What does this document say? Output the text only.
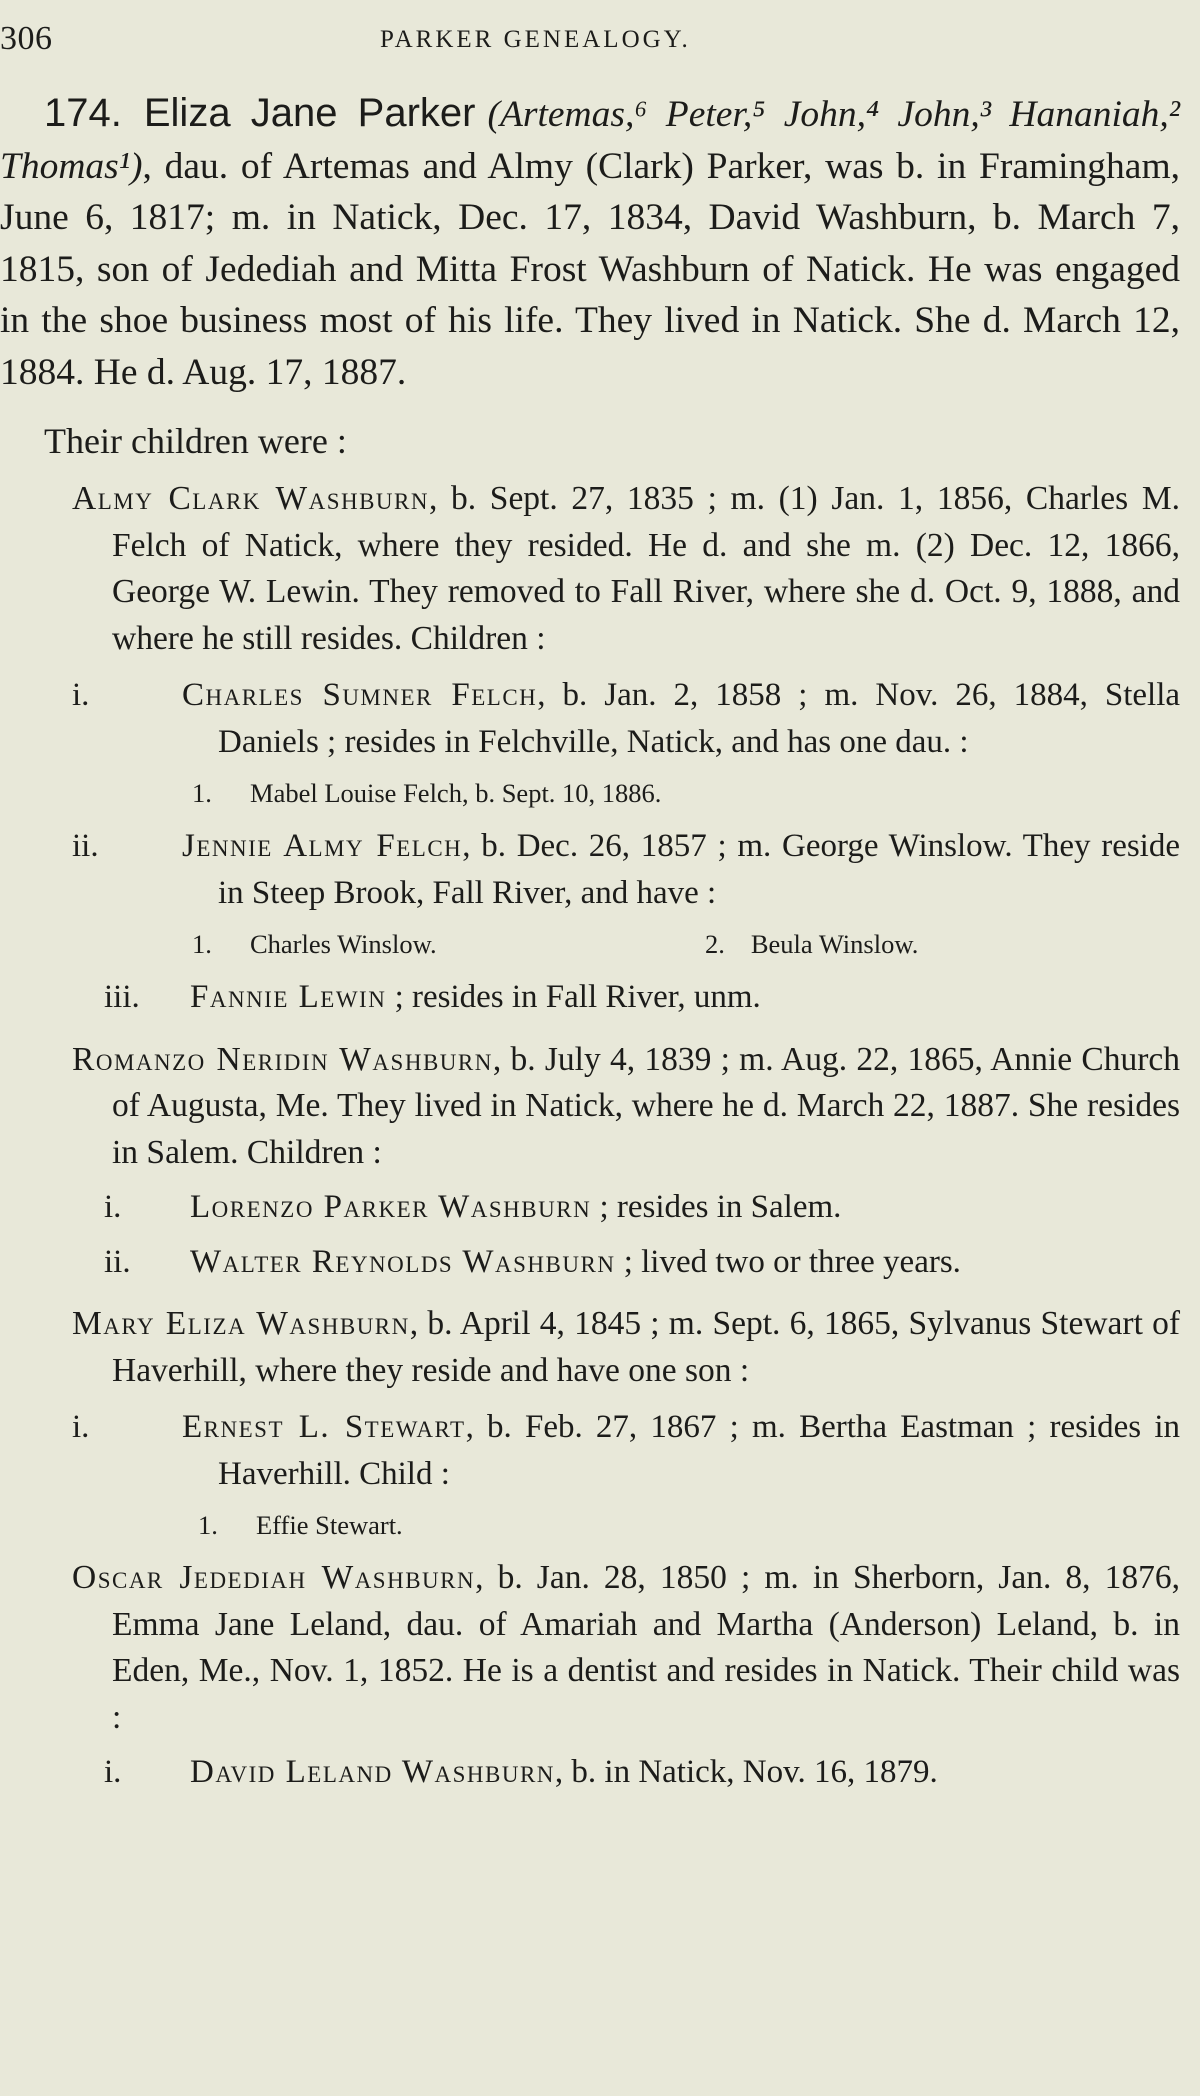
306	PARKER GENEALOGY.

174. Eliza Jane Parker (Artemas,⁶ Peter,⁵ John,⁴ John,³ Hananiah,² Thomas¹), dau. of Artemas and Almy (Clark) Parker, was b. in Framingham, June 6, 1817; m. in Natick, Dec. 17, 1834, David Washburn, b. March 7, 1815, son of Jedediah and Mitta Frost Washburn of Natick. He was engaged in the shoe business most of his life. They lived in Natick. She d. March 12, 1884. He d. Aug. 17, 1887.

Their children were :
Almy Clark Washburn, b. Sept. 27, 1835 ; m. (1) Jan. 1, 1856, Charles M. Felch of Natick, where they resided. He d. and she m. (2) Dec. 12, 1866, George W. Lewin. They removed to Fall River, where she d. Oct. 9, 1888, and where he still resides. Children :
i.	Charles Sumner Felch, b. Jan. 2, 1858 ; m. Nov. 26, 1884, Stella Daniels ; resides in Felchville, Natick, and has one dau. :
1. Mabel Louise Felch, b. Sept. 10, 1886.
ii.	Jennie Almy Felch, b. Dec. 26, 1857 ; m. George Winslow. They reside in Steep Brook, Fall River, and have :
1. Charles Winslow.	2. Beula Winslow.
iii. Fannie Lewin ; resides in Fall River, unm.
Romanzo Neridin Washburn, b. July 4, 1839 ; m. Aug. 22, 1865, Annie Church of Augusta, Me. They lived in Natick, where he d. March 22, 1887. She resides in Salem. Children :
i. Lorenzo Parker Washburn ; resides in Salem.
ii. Walter Reynolds Washburn ; lived two or three years.
Mary Eliza Washburn, b. April 4, 1845 ; m. Sept. 6, 1865, Sylvanus Stewart of Haverhill, where they reside and have one son :
i.	Ernest L. Stewart, b. Feb. 27, 1867 ; m. Bertha Eastman ; resides in Haverhill. Child :
1. Effie Stewart.
Oscar Jedediah Washburn, b. Jan. 28, 1850 ; m. in Sherborn, Jan. 8, 1876, Emma Jane Leland, dau. of Amariah and Martha (Anderson) Leland, b. in Eden, Me., Nov. 1, 1852. He is a dentist and resides in Natick. Their child was :
i. David Leland Washburn, b. in Natick, Nov. 16, 1879.
